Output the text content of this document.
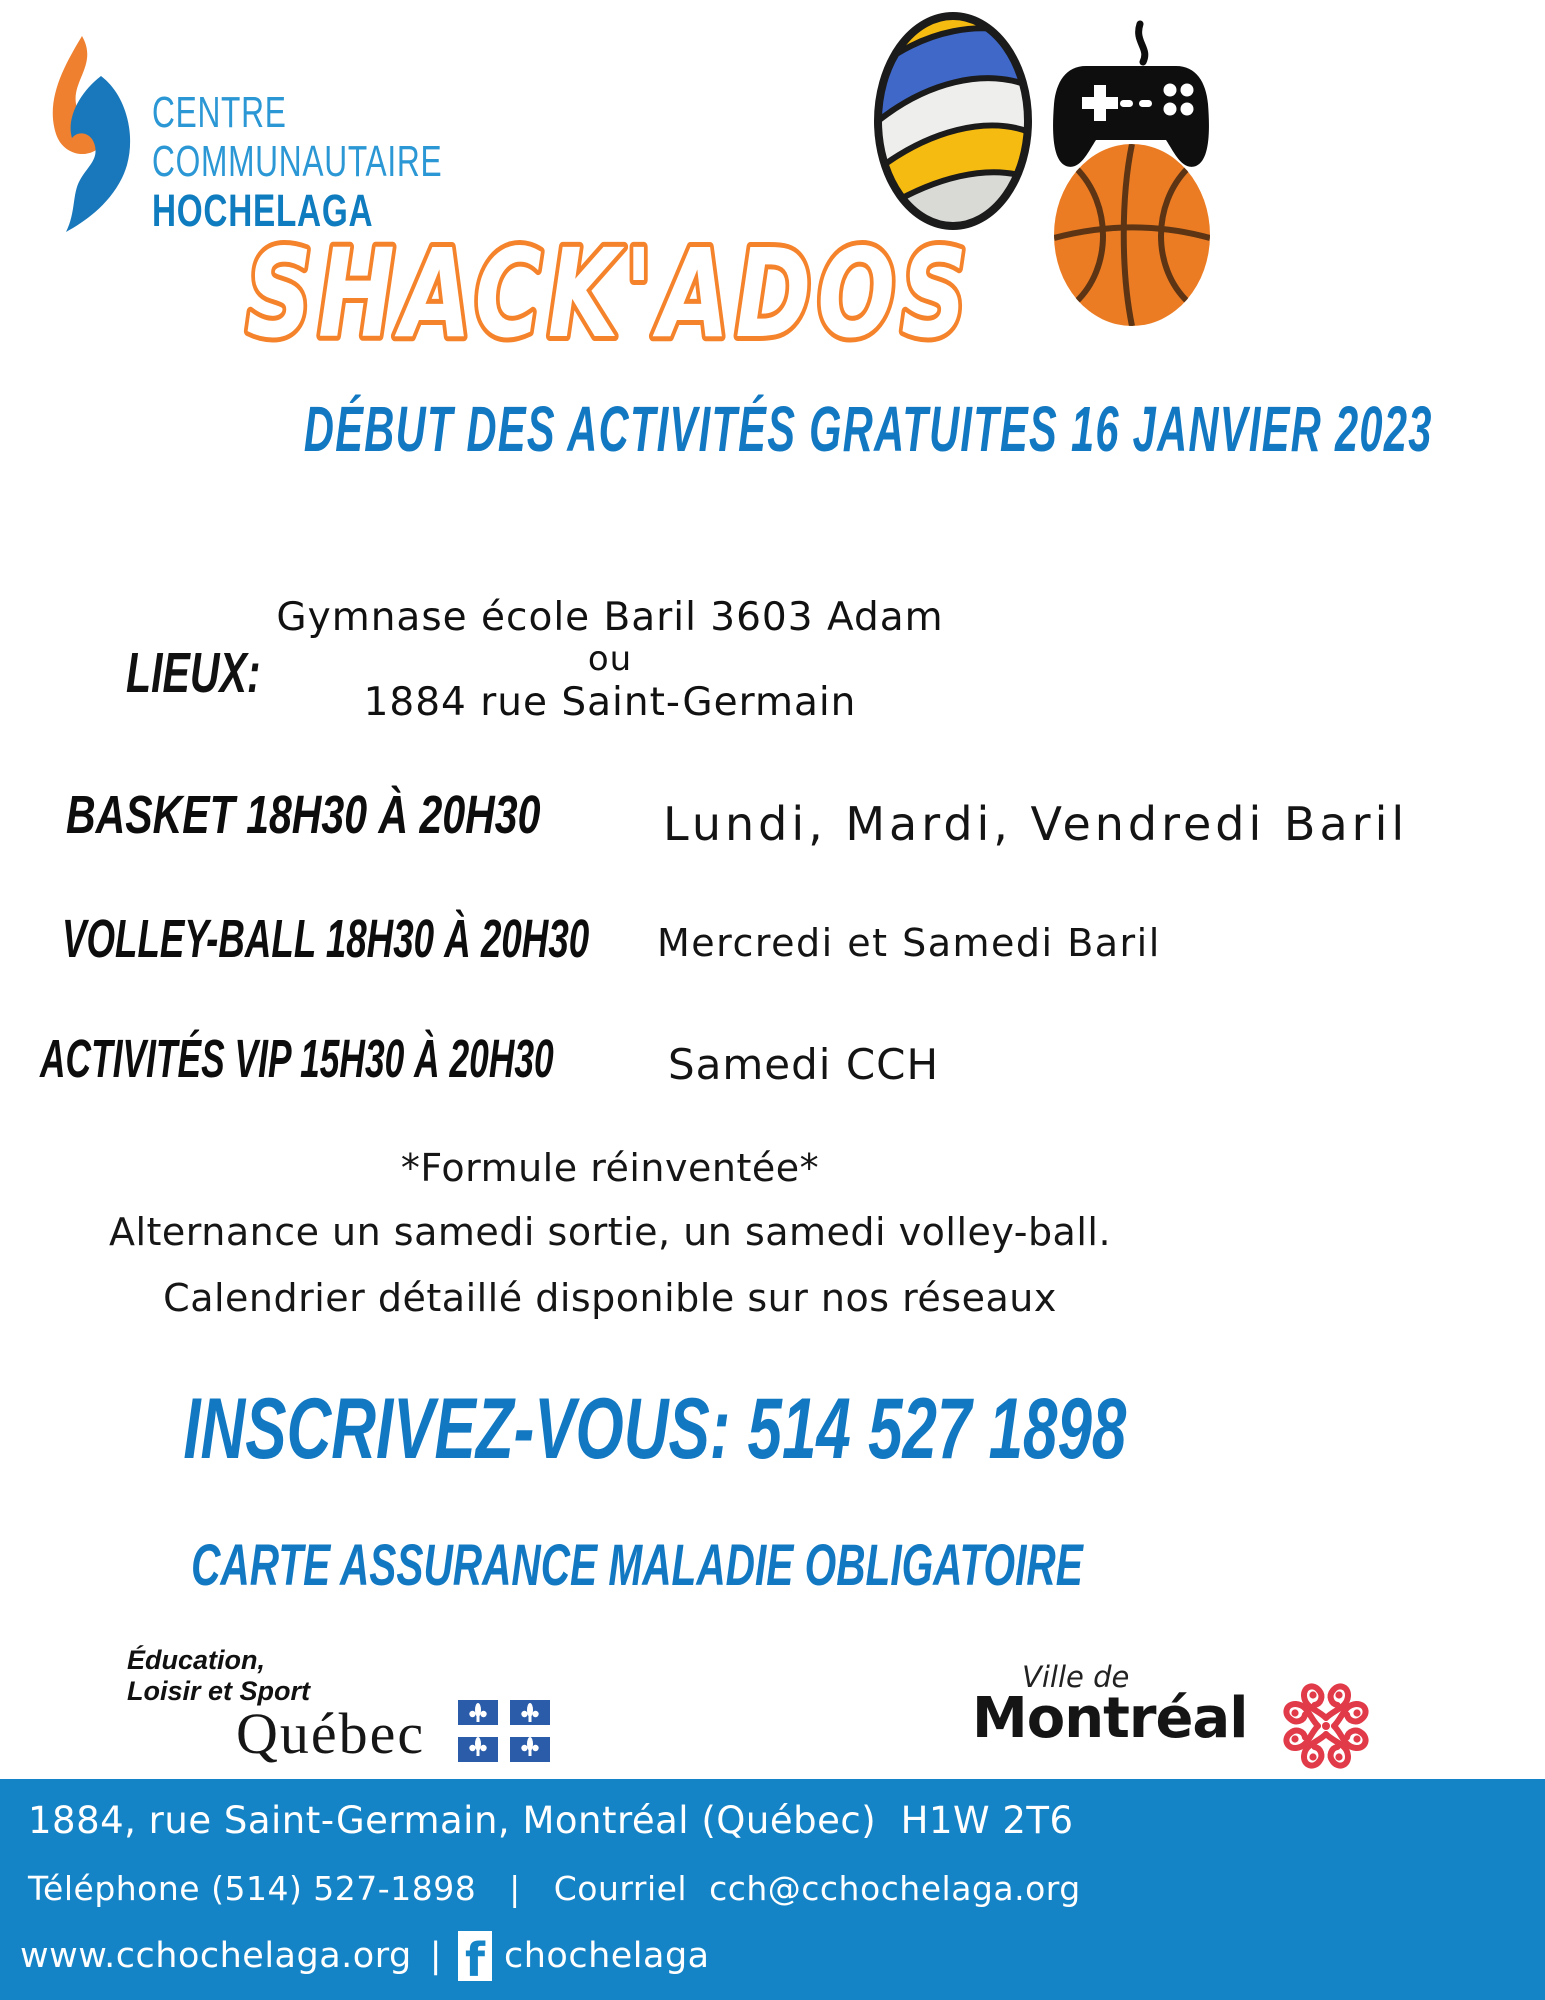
CENTRE
COMMUNAUTAIRE
HOCHELAGA
SHACK'ADOS
DÉBUT DES ACTIVITÉS GRATUITES 16 JANVIER 2023
LIEUX:
Gymnase école Baril 3603 Adam
ou
1884 rue Saint-Germain
BASKET 18H30 À 20H30	Lundi, Mardi, Vendredi Baril
VOLLEY-BALL 18H30 À 20H30	Mercredi et Samedi Baril
ACTIVITÉS VIP 15H30 À 20H30	Samedi CCH
*Formule réinventée*
Alternance un samedi sortie, un samedi volley-ball.
Calendrier détaillé disponible sur nos réseaux
INSCRIVEZ-VOUS: 514 527 1898
CARTE ASSURANCE MALADIE OBLIGATOIRE
Éducation,
Loisir et Sport
Québec
Ville de
Montréal
1884, rue Saint-Germain, Montréal (Québec)  H1W 2T6
Téléphone (514) 527-1898   |   Courriel  cch@cchochelaga.org
www.cchochelaga.org |

f

chochelaga
